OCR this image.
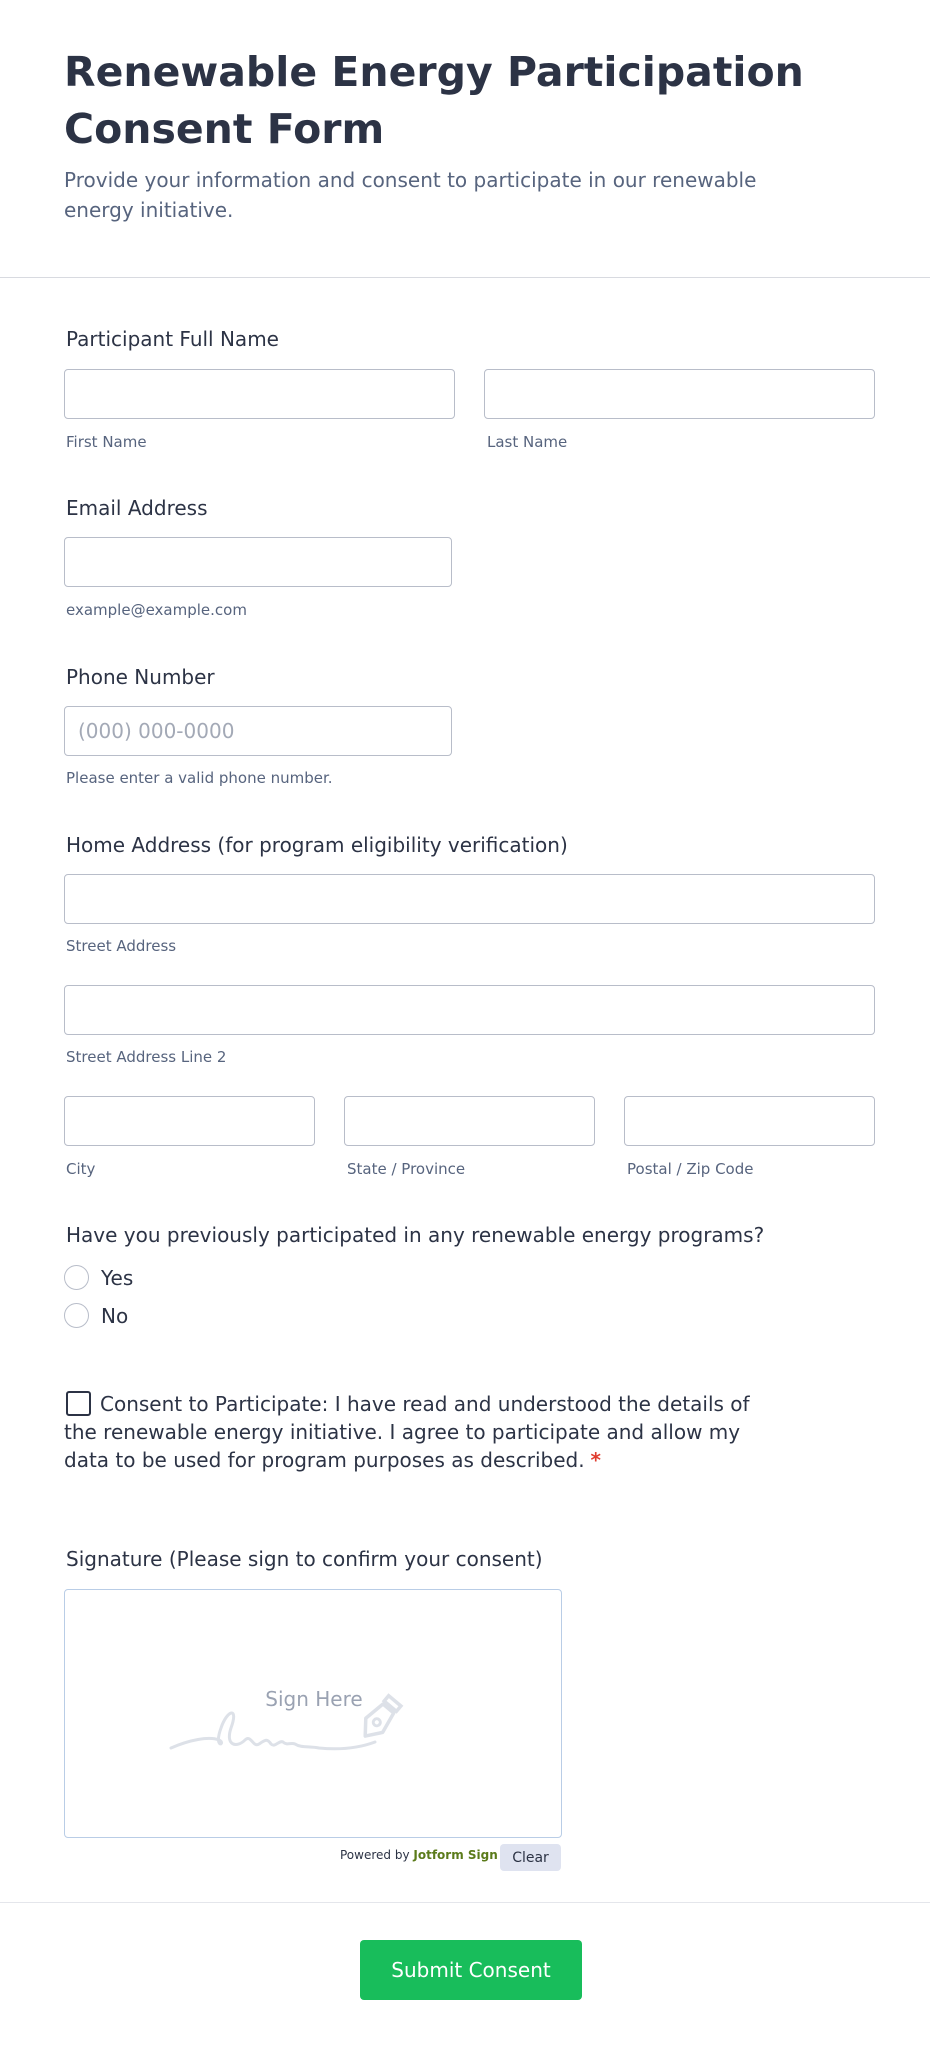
Renewable Energy Participation Consent Form
Provide your information and consent to participate in our renewable energy initiative.
Participant Full Name
First Name	Last Name
Email Address
example@example.com
Phone Number
(000) 000-0000
Please enter a valid phone number.
Home Address (for program eligibility verification)
Street Address
Street Address Line 2
City	State / Province	Postal / Zip Code
Have you previously participated in any renewable energy programs?
Yes
No
Consent to Participate: I have read and understood the details of the renewable energy initiative. I agree to participate and allow my data to be used for program purposes as described. *
Signature (Please sign to confirm your consent)
Sign Here
Powered by Jotform Sign	Clear
Submit Consent
